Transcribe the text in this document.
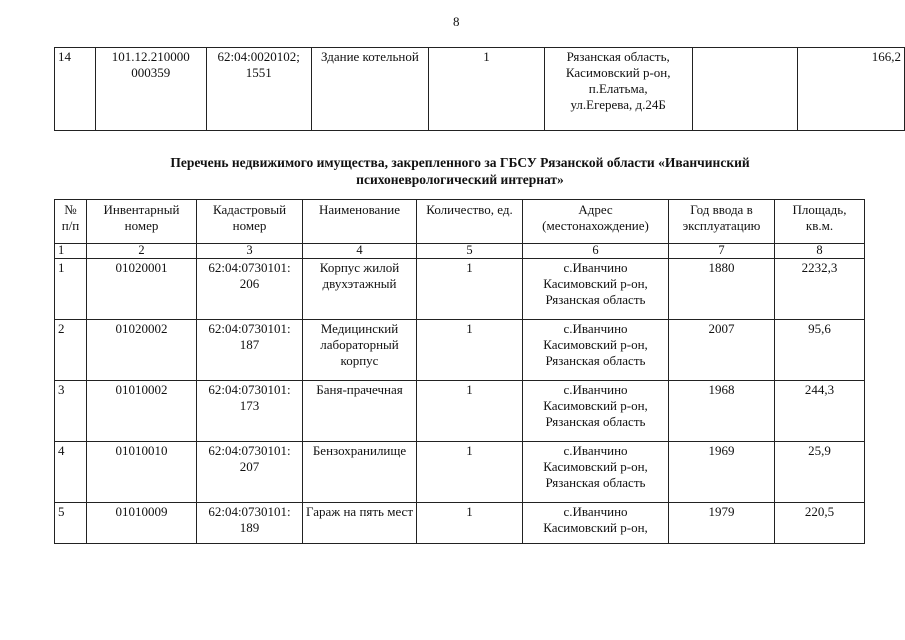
8
14	101.12.210000 000359	62:04:0020102; 1551	Здание котельной	1	Рязанская область,
Касимовский р-он,
п.Елатьма,
ул.Егерева, д.24Б
		166,2
Перечень недвижимого имущества, закрепленного за ГБСУ Рязанской области «Иванчинский
психоневрологический интернат»
№ п/п	Инвентарный номер	Кадастровый номер	Наименование	Количество, ед.	Адрес (местонахождение)	Год ввода в эксплуатацию	Площадь, кв.м.
1	2	3	4	5	6	7	8
1	01020001	62:04:0730101: 206	Корпус жилой двухэтажный	1	с.Иванчино
Касимовский р-он,
Рязанская область	1880	2232,3
2	01020002	62:04:0730101: 187	Медицинский лабораторный корпус	1	с.Иванчино
Касимовский р-он,
Рязанская область	2007	95,6
3	01010002	62:04:0730101: 173	Баня-прачечная	1	с.Иванчино
Касимовский р-он,
Рязанская область	1968	244,3
4	01010010	62:04:0730101: 207	Бензохранилище	1	с.Иванчино
Касимовский р-он,
Рязанская область	1969	25,9
5	01010009	62:04:0730101: 189	Гараж на пять мест	1	с.Иванчино
Касимовский р-он,	1979	220,5
